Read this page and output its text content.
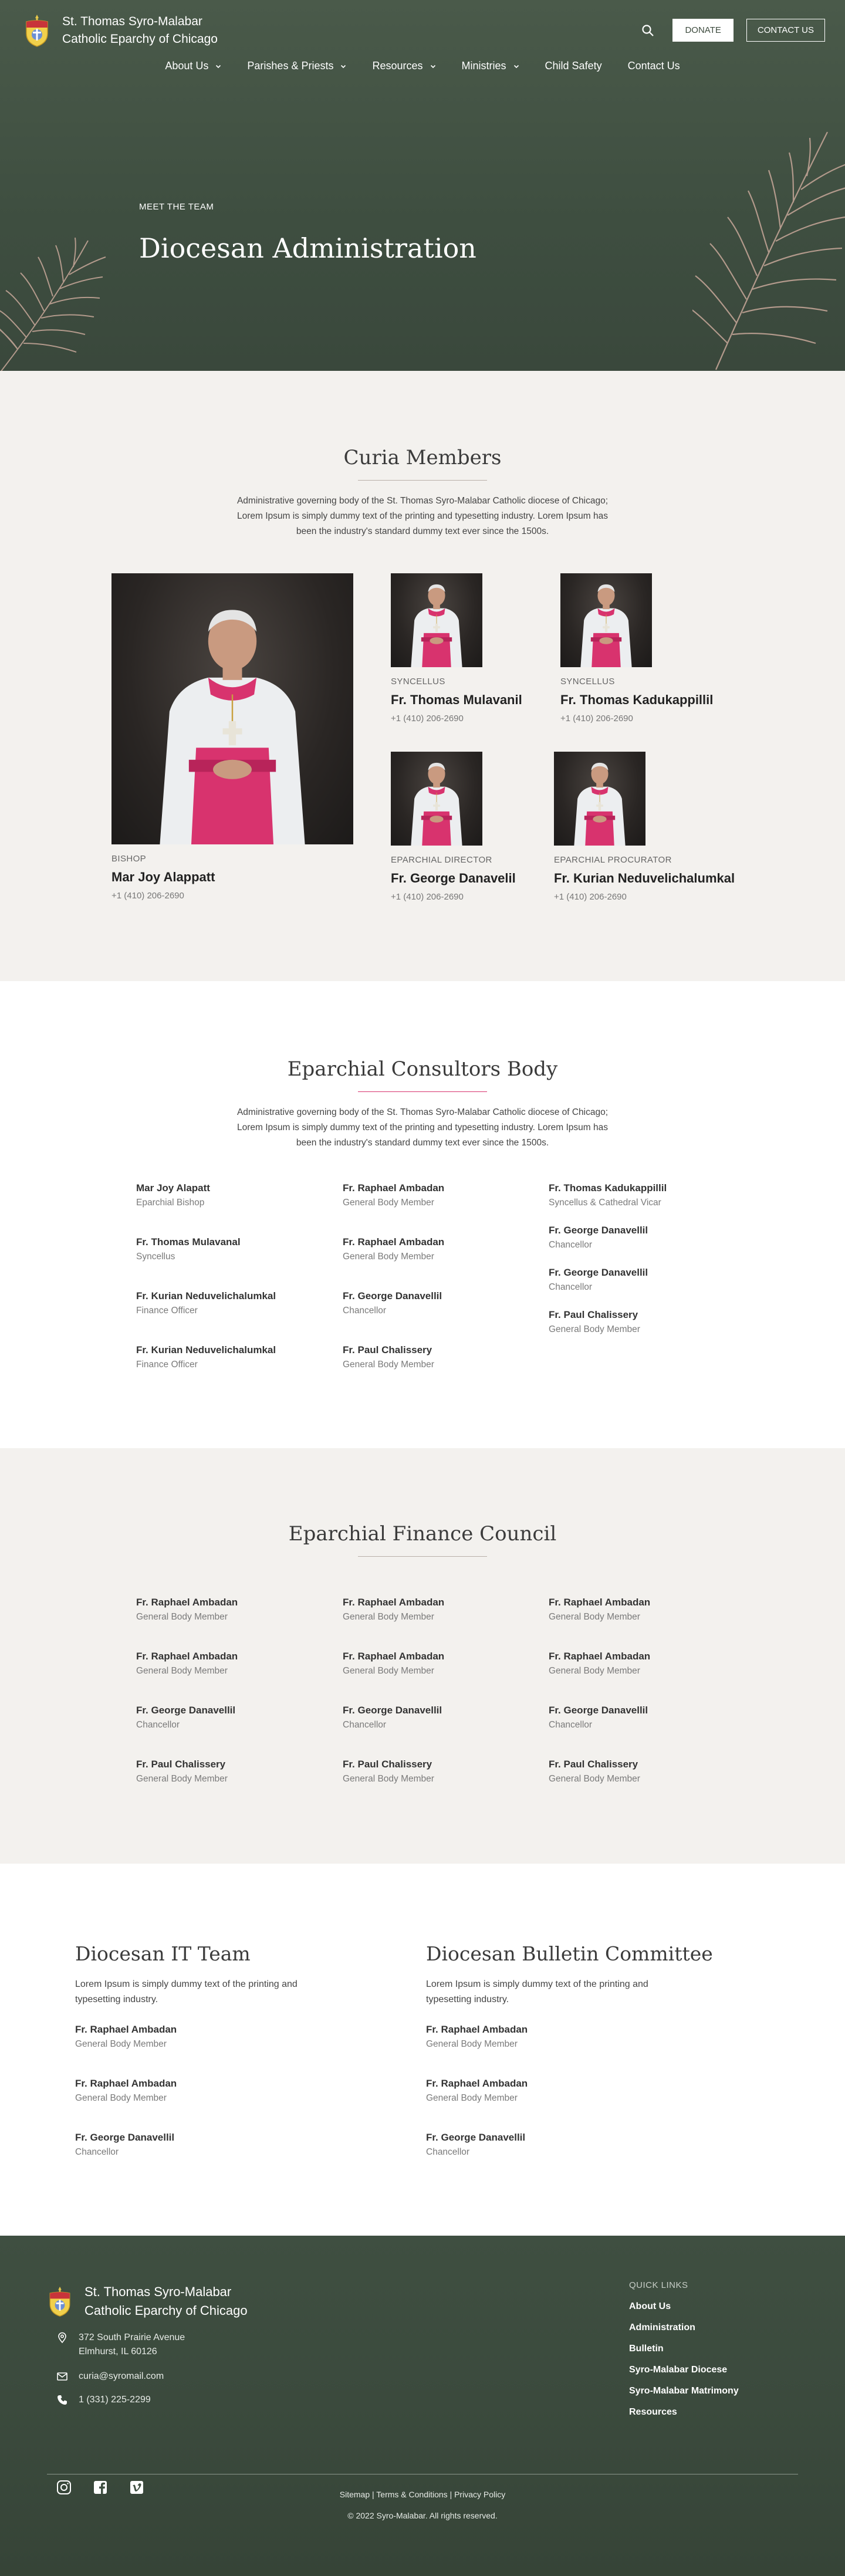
St. Thomas Syro-Malabar
Catholic Eparchy of Chicago
DONATE	CONTACT US
About Us	Parishes & Priests	Resources	Ministries	Child Safety Contact Us
MEET THE TEAM
Diocesan Administration
Curia Members

Administrative governing body of the St. Thomas Syro-Malabar Catholic diocese of Chicago; Lorem Ipsum is simply dummy text of the printing and typesetting industry. Lorem Ipsum has been the industry's standard dummy text ever since the 1500s.

BISHOP
Mar Joy Alappatt
+1 (410) 206-2690
SYNCELLUS
Fr. Thomas Mulavanil
+1 (410) 206-2690
SYNCELLUS
Fr. Thomas Kadukappillil
+1 (410) 206-2690
EPARCHIAL DIRECTOR
Fr. George Danavelil
+1 (410) 206-2690
EPARCHIAL PROCURATOR
Fr. Kurian Neduvelichalumkal
+1 (410) 206-2690
Eparchial Consultors Body

Administrative governing body of the St. Thomas Syro-Malabar Catholic diocese of Chicago; Lorem Ipsum is simply dummy text of the printing and typesetting industry. Lorem Ipsum has been the industry's standard dummy text ever since the 1500s.

Mar Joy Alapatt
Eparchial Bishop
Fr. Thomas Mulavanal
Syncellus
Fr. Kurian Neduvelichalumkal
Finance Officer
Fr. Kurian Neduvelichalumkal
Finance Officer
Fr. Raphael Ambadan
General Body Member
Fr. Raphael Ambadan
General Body Member
Fr. George Danavellil
Chancellor
Fr. Paul Chalissery
General Body Member
Fr. Thomas Kadukappillil
Syncellus & Cathedral Vicar
Fr. George Danavellil
Chancellor
Fr. George Danavellil
Chancellor
Fr. Paul Chalissery
General Body Member
Eparchial Finance Council
Fr. Raphael Ambadan
General Body Member
Fr. Raphael Ambadan
General Body Member
Fr. George Danavellil
Chancellor
Fr. Paul Chalissery
General Body Member
Fr. Raphael Ambadan
General Body Member
Fr. Raphael Ambadan
General Body Member
Fr. George Danavellil
Chancellor
Fr. Paul Chalissery
General Body Member
Fr. Raphael Ambadan
General Body Member
Fr. Raphael Ambadan
General Body Member
Fr. George Danavellil
Chancellor
Fr. Paul Chalissery
General Body Member
Diocesan IT Team

Lorem Ipsum is simply dummy text of the printing and typesetting industry.

Diocesan Bulletin Committee

Lorem Ipsum is simply dummy text of the printing and typesetting industry.

Fr. Raphael Ambadan
General Body Member
Fr. Raphael Ambadan
General Body Member
Fr. George Danavellil
Chancellor
Fr. Raphael Ambadan
General Body Member
Fr. Raphael Ambadan
General Body Member
Fr. George Danavellil
Chancellor
St. Thomas Syro-Malabar
Catholic Eparchy of Chicago
372 South Prairie Avenue
Elmhurst, IL 60126
curia@syromail.com
1 (331) 225-2299
QUICK LINKS
Sitemap | Terms & Conditions | Privacy Policy
© 2022 Syro-Malabar. All rights reserved.
About Us
Administration
Bulletin
Syro-Malabar Diocese
Syro-Malabar Matrimony
Resources
